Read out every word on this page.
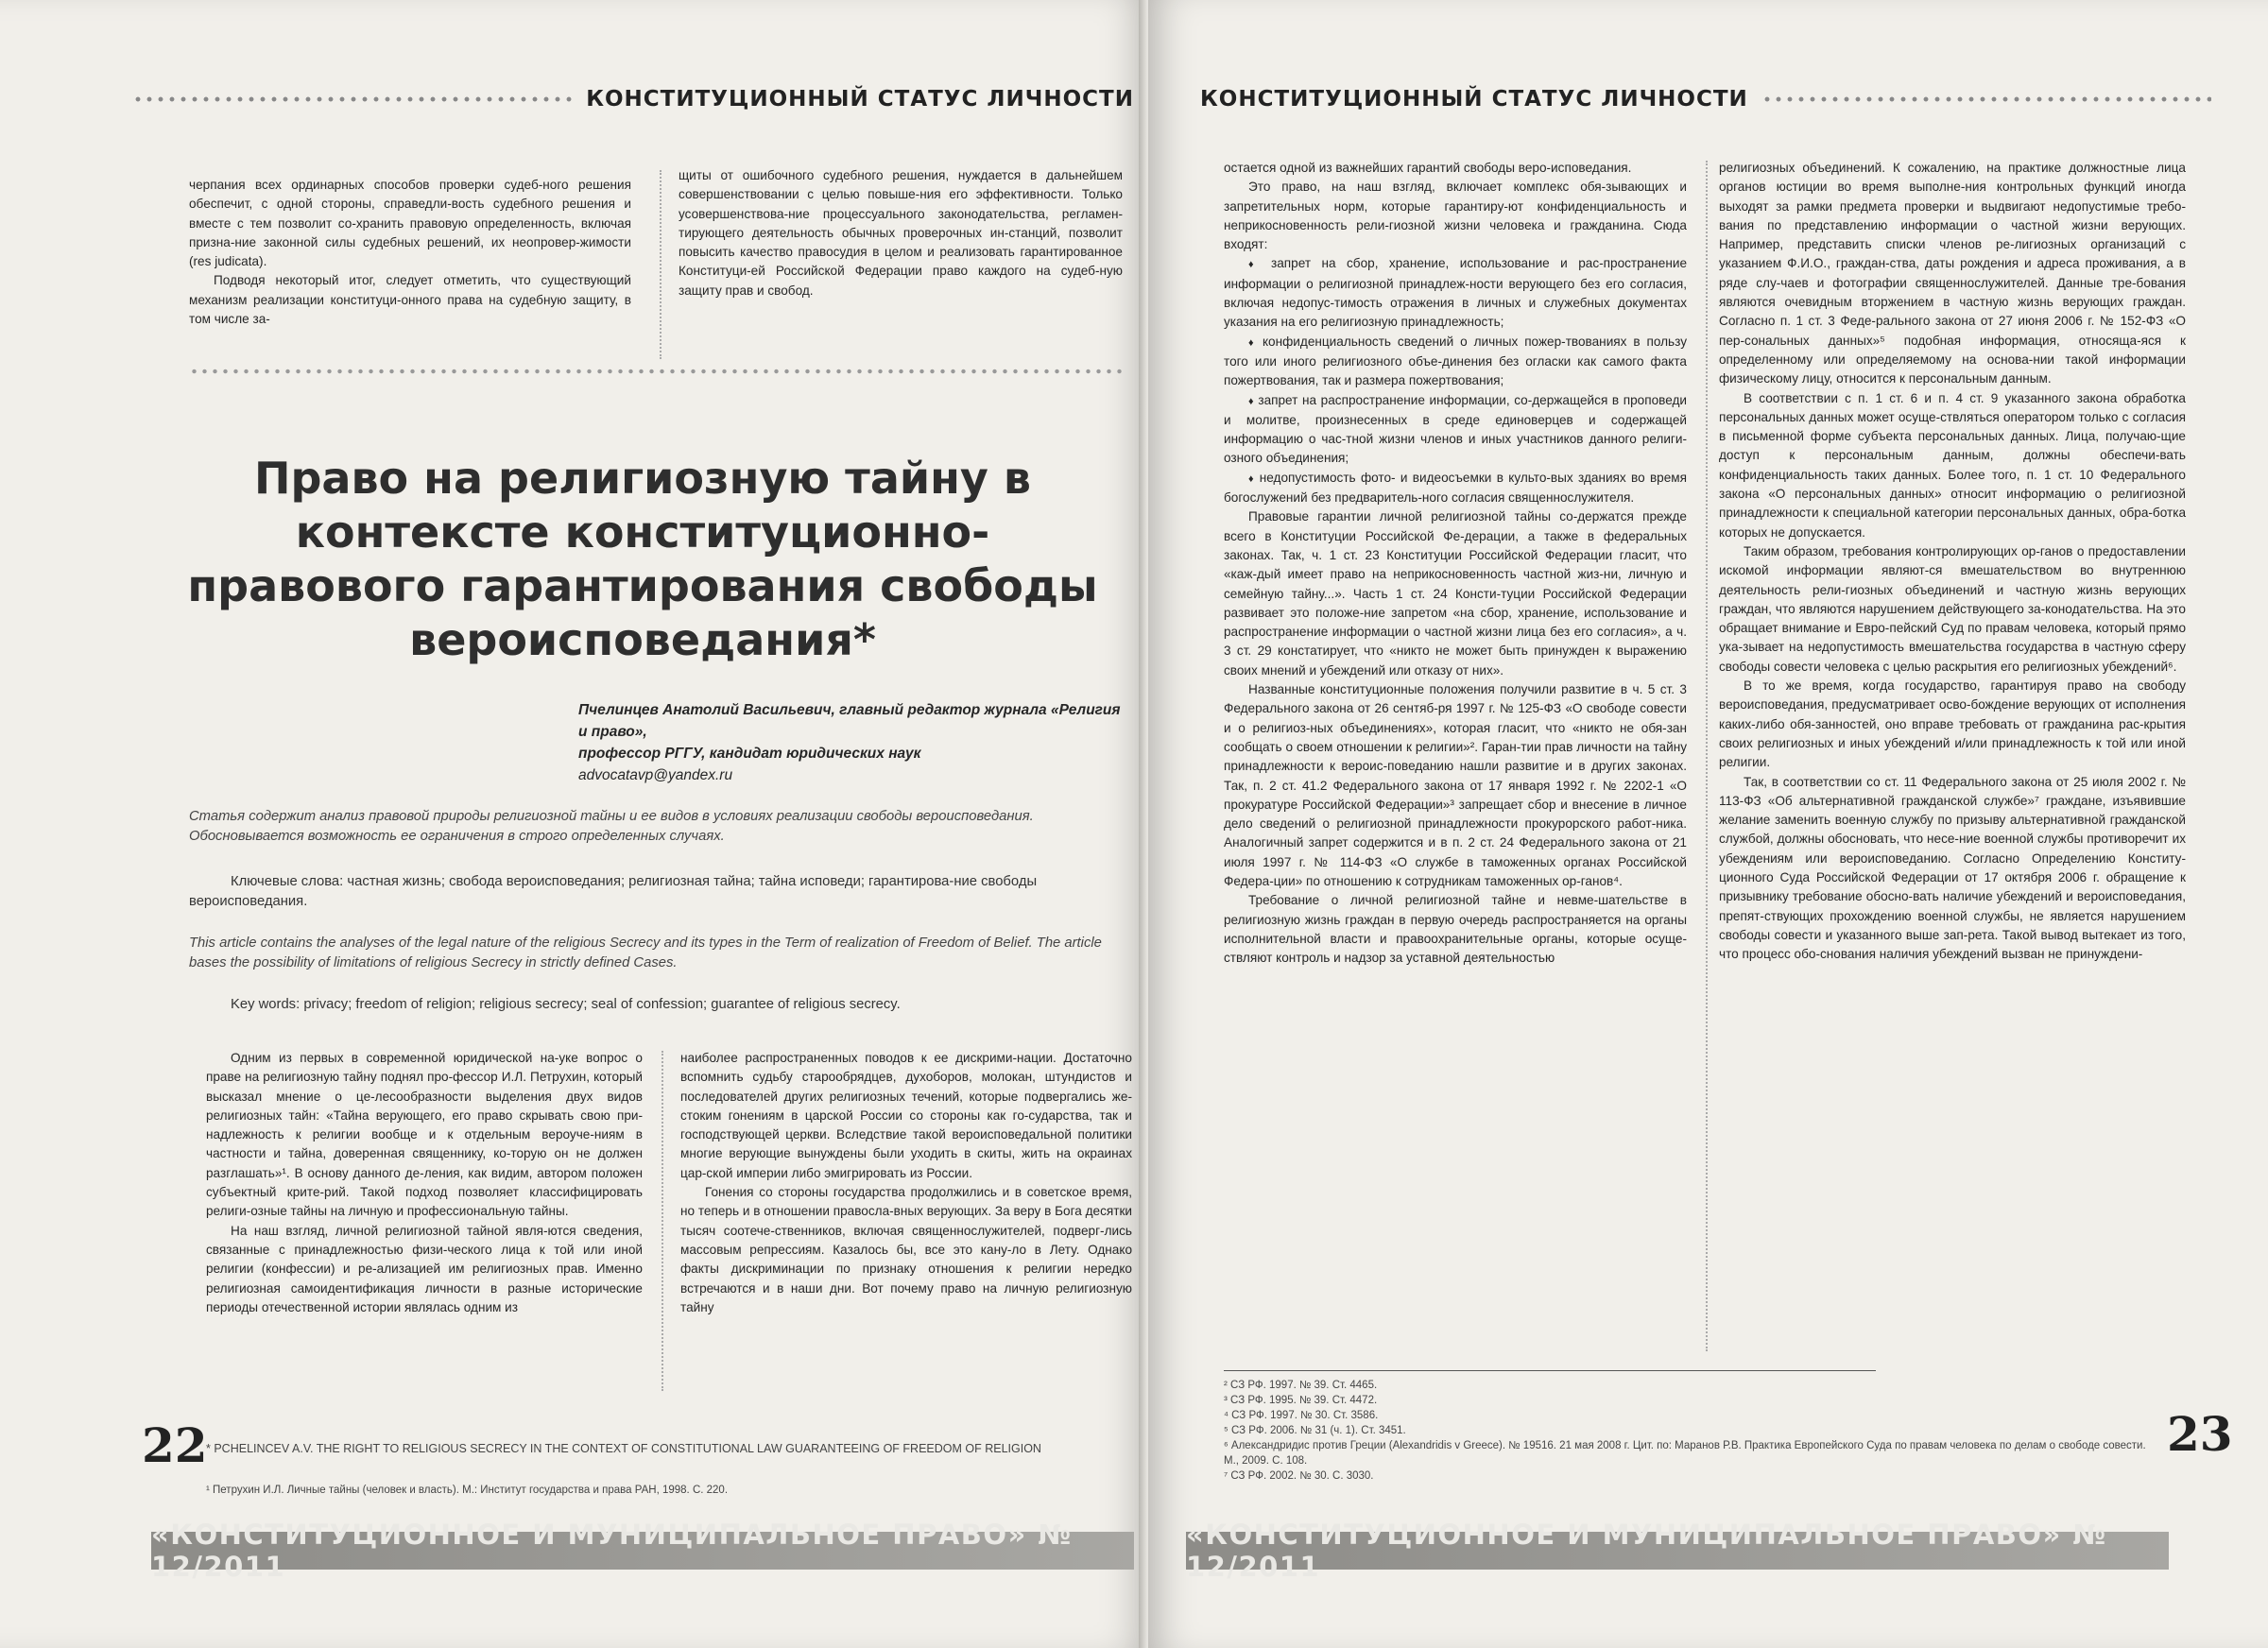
КОНСТИТУЦИОННЫЙ СТАТУС ЛИЧНОСТИ

черпания всех ординарных способов проверки судеб-ного решения обеспечит, с одной стороны, справедли-вость судебного решения и вместе с тем позволит со-хранить правовую определенность, включая призна-ние законной силы судебных решений, их неопровер-жимости (res judicata).

Подводя некоторый итог, следует отметить, что существующий механизм реализации конституци-онного права на судебную защиту, в том числе за-

щиты от ошибочного судебного решения, нуждается в дальнейшем совершенствовании с целью повыше-ния его эффективности. Только усовершенствова-ние процессуального законодательства, регламен-тирующего деятельность обычных проверочных ин-станций, позволит повысить качество правосудия в целом и реализовать гарантированное Конституци-ей Российской Федерации право каждого на судеб-ную защиту прав и свобод.

Право на религиозную тайну в контексте конституционно-правового гарантирования свободы вероисповедания*
Пчелинцев Анатолий Васильевич, главный редактор журнала «Религия и право»,
профессор РГГУ, кандидат юридических наук
advocatavp@yandex.ru
Статья содержит анализ правовой природы религиозной тайны и ее видов в условиях реализации свободы вероисповедания. Обосновывается возможность ее ограничения в строго определенных случаях.
Ключевые слова: частная жизнь; свобода вероисповедания; религиозная тайна; тайна исповеди; гарантирова-ние свободы вероисповедания.
This article contains the analyses of the legal nature of the religious Secrecy and its types in the Term of realization of Freedom of Belief. The article bases the possibility of limitations of religious Secrecy in strictly defined Cases.
Key words: privacy; freedom of religion; religious secrecy; seal of confession; guarantee of religious secrecy.

Одним из первых в современной юридической на-уке вопрос о праве на религиозную тайну поднял про-фессор И.Л. Петрухин, который высказал мнение о це-лесообразности выделения двух видов религиозных тайн: «Тайна верующего, его право скрывать свою при-надлежность к религии вообще и к отдельным вероуче-ниям в частности и тайна, доверенная священнику, ко-торую он не должен разглашать»¹. В основу данного де-ления, как видим, автором положен субъектный крите-рий. Такой подход позволяет классифицировать религи-озные тайны на личную и профессиональную тайны.

На наш взгляд, личной религиозной тайной явля-ются сведения, связанные с принадлежностью физи-ческого лица к той или иной религии (конфессии) и ре-ализацией им религиозных прав. Именно религиозная самоидентификация личности в разные исторические периоды отечественной истории являлась одним из

наиболее распространенных поводов к ее дискрими-нации. Достаточно вспомнить судьбу старообрядцев, духоборов, молокан, штундистов и последователей других религиозных течений, которые подвергались же-стоким гонениям в царской России со стороны как го-сударства, так и господствующей церкви. Вследствие такой вероисповедальной политики многие верующие вынуждены были уходить в скиты, жить на окраинах цар-ской империи либо эмигрировать из России.

Гонения со стороны государства продолжились и в советское время, но теперь и в отношении правосла-вных верующих. За веру в Бога десятки тысяч соотече-ственников, включая священнослужителей, подверг-лись массовым репрессиям. Казалось бы, все это кану-ло в Лету. Однако факты дискриминации по признаку отношения к религии нередко встречаются и в наши дни. Вот почему право на личную религиозную тайну

22
* PCHELINCEV A.V. THE RIGHT TO RELIGIOUS SECRECY IN THE CONTEXT OF CONSTITUTIONAL LAW GUARANTEEING OF FREEDOM OF RELIGION
¹ Петрухин И.Л. Личные тайны (человек и власть). М.: Институт государства и права РАН, 1998. С. 220.
«КОНСТИТУЦИОННОЕ И МУНИЦИПАЛЬНОЕ ПРАВО» № 12/2011
КОНСТИТУЦИОННЫЙ СТАТУС ЛИЧНОСТИ

остается одной из важнейших гарантий свободы веро-исповедания.

Это право, на наш взгляд, включает комплекс обя-зывающих и запретительных норм, которые гарантиру-ют конфиденциальность и неприкосновенность рели-гиозной жизни человека и гражданина. Сюда входят:

♦ запрет на сбор, хранение, использование и рас-пространение информации о религиозной принадлеж-ности верующего без его согласия, включая недопус-тимость отражения в личных и служебных документах указания на его религиозную принадлежность;
♦ конфиденциальность сведений о личных пожер-твованиях в пользу того или иного религиозного объе-динения без огласки как самого факта пожертвования, так и размера пожертвования;
♦ запрет на распространение информации, со-держащейся в проповеди и молитве, произнесенных в среде единоверцев и содержащей информацию о час-тной жизни членов и иных участников данного религи-озного объединения;
♦ недопустимость фото- и видеосъемки в культо-вых зданиях во время богослужений без предваритель-ного согласия священнослужителя.

Правовые гарантии личной религиозной тайны со-держатся прежде всего в Конституции Российской Фе-дерации, а также в федеральных законах. Так, ч. 1 ст. 23 Конституции Российской Федерации гласит, что «каж-дый имеет право на неприкосновенность частной жиз-ни, личную и семейную тайну...». Часть 1 ст. 24 Консти-туции Российской Федерации развивает это положе-ние запретом «на сбор, хранение, использование и распространение информации о частной жизни лица без его согласия», а ч. 3 ст. 29 констатирует, что «никто не может быть принужден к выражению своих мнений и убеждений или отказу от них».

Названные конституционные положения получили развитие в ч. 5 ст. 3 Федерального закона от 26 сентяб-ря 1997 г. № 125-ФЗ «О свободе совести и о религиоз-ных объединениях», которая гласит, что «никто не обя-зан сообщать о своем отношении к религии»². Гаран-тии прав личности на тайну принадлежности к вероис-поведанию нашли развитие и в других законах. Так, п. 2 ст. 41.2 Федерального закона от 17 января 1992 г. № 2202-1 «О прокуратуре Российской Федерации»³ запрещает сбор и внесение в личное дело сведений о религиозной принадлежности прокурорского работ-ника. Аналогичный запрет содержится и в п. 2 ст. 24 Федерального закона от 21 июля 1997 г. № 114-ФЗ «О службе в таможенных органах Российской Федера-ции» по отношению к сотрудникам таможенных ор-ганов⁴.

Требование о личной религиозной тайне и невме-шательстве в религиозную жизнь граждан в первую очередь распространяется на органы исполнительной власти и правоохранительные органы, которые осуще-ствляют контроль и надзор за уставной деятельностью

религиозных объединений. К сожалению, на практике должностные лица органов юстиции во время выполне-ния контрольных функций иногда выходят за рамки предмета проверки и выдвигают недопустимые требо-вания по представлению информации о частной жизни верующих. Например, представить списки членов ре-лигиозных организаций с указанием Ф.И.О., граждан-ства, даты рождения и адреса проживания, а в ряде слу-чаев и фотографии священнослужителей. Данные тре-бования являются очевидным вторжением в частную жизнь верующих граждан. Согласно п. 1 ст. 3 Феде-рального закона от 27 июня 2006 г. № 152-ФЗ «О пер-сональных данных»⁵ подобная информация, относяща-яся к определенному или определяемому на основа-нии такой информации физическому лицу, относится к персональным данным.

В соответствии с п. 1 ст. 6 и п. 4 ст. 9 указанного закона обработка персональных данных может осуще-ствляться оператором только с согласия в письменной форме субъекта персональных данных. Лица, получаю-щие доступ к персональным данным, должны обеспечи-вать конфиденциальность таких данных. Более того, п. 1 ст. 10 Федерального закона «О персональных данных» относит информацию о религиозной принадлежности к специальной категории персональных данных, обра-ботка которых не допускается.

Таким образом, требования контролирующих ор-ганов о предоставлении искомой информации являют-ся вмешательством во внутреннюю деятельность рели-гиозных объединений и частную жизнь верующих граждан, что являются нарушением действующего за-конодательства. На это обращает внимание и Евро-пейский Суд по правам человека, который прямо ука-зывает на недопустимость вмешательства государства в частную сферу свободы совести человека с целью раскрытия его религиозных убеждений⁶.

В то же время, когда государство, гарантируя право на свободу вероисповедания, предусматривает осво-бождение верующих от исполнения каких-либо обя-занностей, оно вправе требовать от гражданина рас-крытия своих религиозных и иных убеждений и/или принадлежность к той или иной религии.

Так, в соответствии со ст. 11 Федерального закона от 25 июля 2002 г. № 113-ФЗ «Об альтернативной гражданской службе»⁷ граждане, изъявившие желание заменить военную службу по призыву альтернативной гражданской службой, должны обосновать, что несе-ние военной службы противоречит их убеждениям или вероисповеданию. Согласно Определению Конститу-ционного Суда Российской Федерации от 17 октября 2006 г. обращение к призывнику требование обосно-вать наличие убеждений и вероисповедания, препят-ствующих прохождению военной службы, не является нарушением свободы совести и указанного выше зап-рета. Такой вывод вытекает из того, что процесс обо-снования наличия убеждений вызван не принуждени-

² СЗ РФ. 1997. № 39. Ст. 4465.
³ СЗ РФ. 1995. № 39. Ст. 4472.
⁴ СЗ РФ. 1997. № 30. Ст. 3586.
⁵ СЗ РФ. 2006. № 31 (ч. 1). Ст. 3451.
⁶ Александридис против Греции (Alexandridis v Greece). № 19516. 21 мая 2008 г. Цит. по: Маранов Р.В. Практика Европейского Суда по правам человека по делам о свободе совести. М., 2009. С. 108.
⁷ СЗ РФ. 2002. № 30. С. 3030.
23
«КОНСТИТУЦИОННОЕ И МУНИЦИПАЛЬНОЕ ПРАВО» № 12/2011
